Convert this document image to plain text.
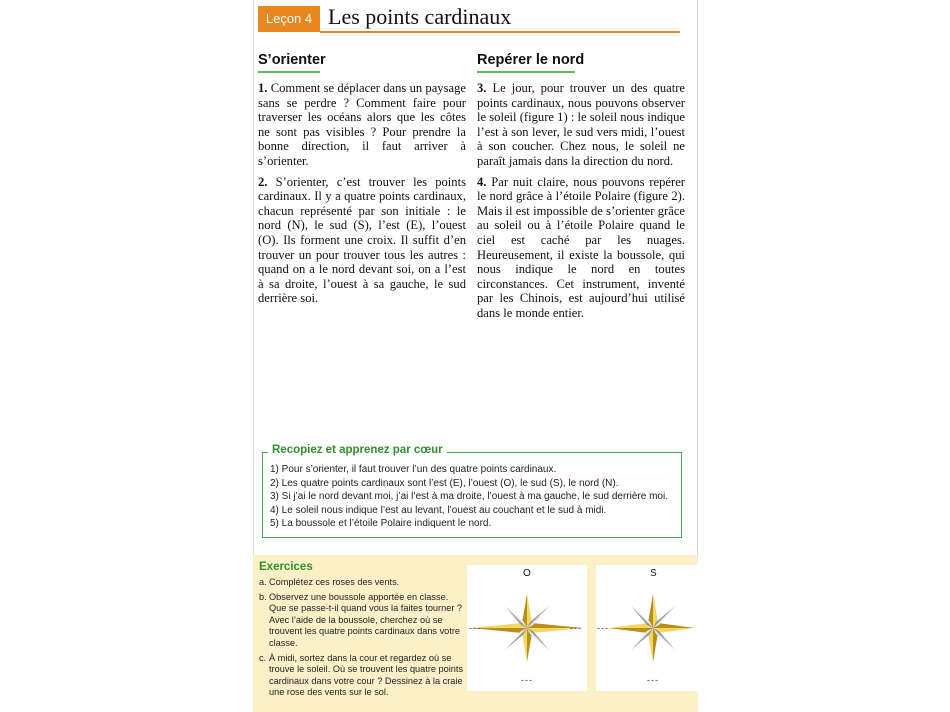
Leçon 4 Les points cardinaux
S’orienter

1. Comment se déplacer dans un paysage sans se perdre ? Comment faire pour traverser les océans alors que les côtes ne sont pas visibles ? Pour prendre la bonne direction, il faut arriver à s’orienter.

2. S’orienter, c’est trouver les points cardinaux. Il y a quatre points cardinaux, chacun représenté par son initiale : le nord (N), le sud (S), l’est (E), l’ouest (O). Ils forment une croix. Il suffit d’en trouver un pour trouver tous les autres : quand on a le nord devant soi, on a l’est à sa droite, l’ouest à sa gauche, le sud derrière soi.

Repérer le nord

3. Le jour, pour trouver un des quatre points cardinaux, nous pouvons observer le soleil (figure 1) : le soleil nous indique l’est à son lever, le sud vers midi, l’ouest à son coucher. Chez nous, le soleil ne paraît jamais dans la direction du nord.

4. Par nuit claire, nous pouvons repérer le nord grâce à l’étoile Polaire (figure 2). Mais il est impossible de s’orienter grâce au soleil ou à l’étoile Polaire quand le ciel est caché par les nuages. Heureusement, il existe la boussole, qui nous indique le nord en toutes circonstances. Cet instrument, inventé par les Chinois, est aujourd’hui utilisé dans le monde entier.

Recopiez et apprenez par cœur
1) Pour s’orienter, il faut trouver l’un des quatre points cardinaux.
2) Les quatre points cardinaux sont l’est (E), l’ouest (O), le sud (S), le nord (N).
3) Si j’ai le nord devant moi, j’ai l’est à ma droite, l’ouest à ma gauche, le sud derrière moi.
4) Le soleil nous indique l’est au levant, l’ouest au couchant et le sud à midi.
5) La boussole et l’étoile Polaire indiquent le nord.
Exercices
a. Complétez ces roses des vents.
b. Observez une boussole apportée en classe. Que se passe-t-il quand vous la faites tourner ? Avec l’aide de la boussole, cherchez où se trouvent les quatre points cardinaux dans votre classe.
c. À midi, sortez dans la cour et regardez où se trouve le soleil. Où se trouvent les quatre points cardinaux dans votre cour ? Dessinez à la craie une rose des vents sur le sol.
O
---	---
---
S
---
---
